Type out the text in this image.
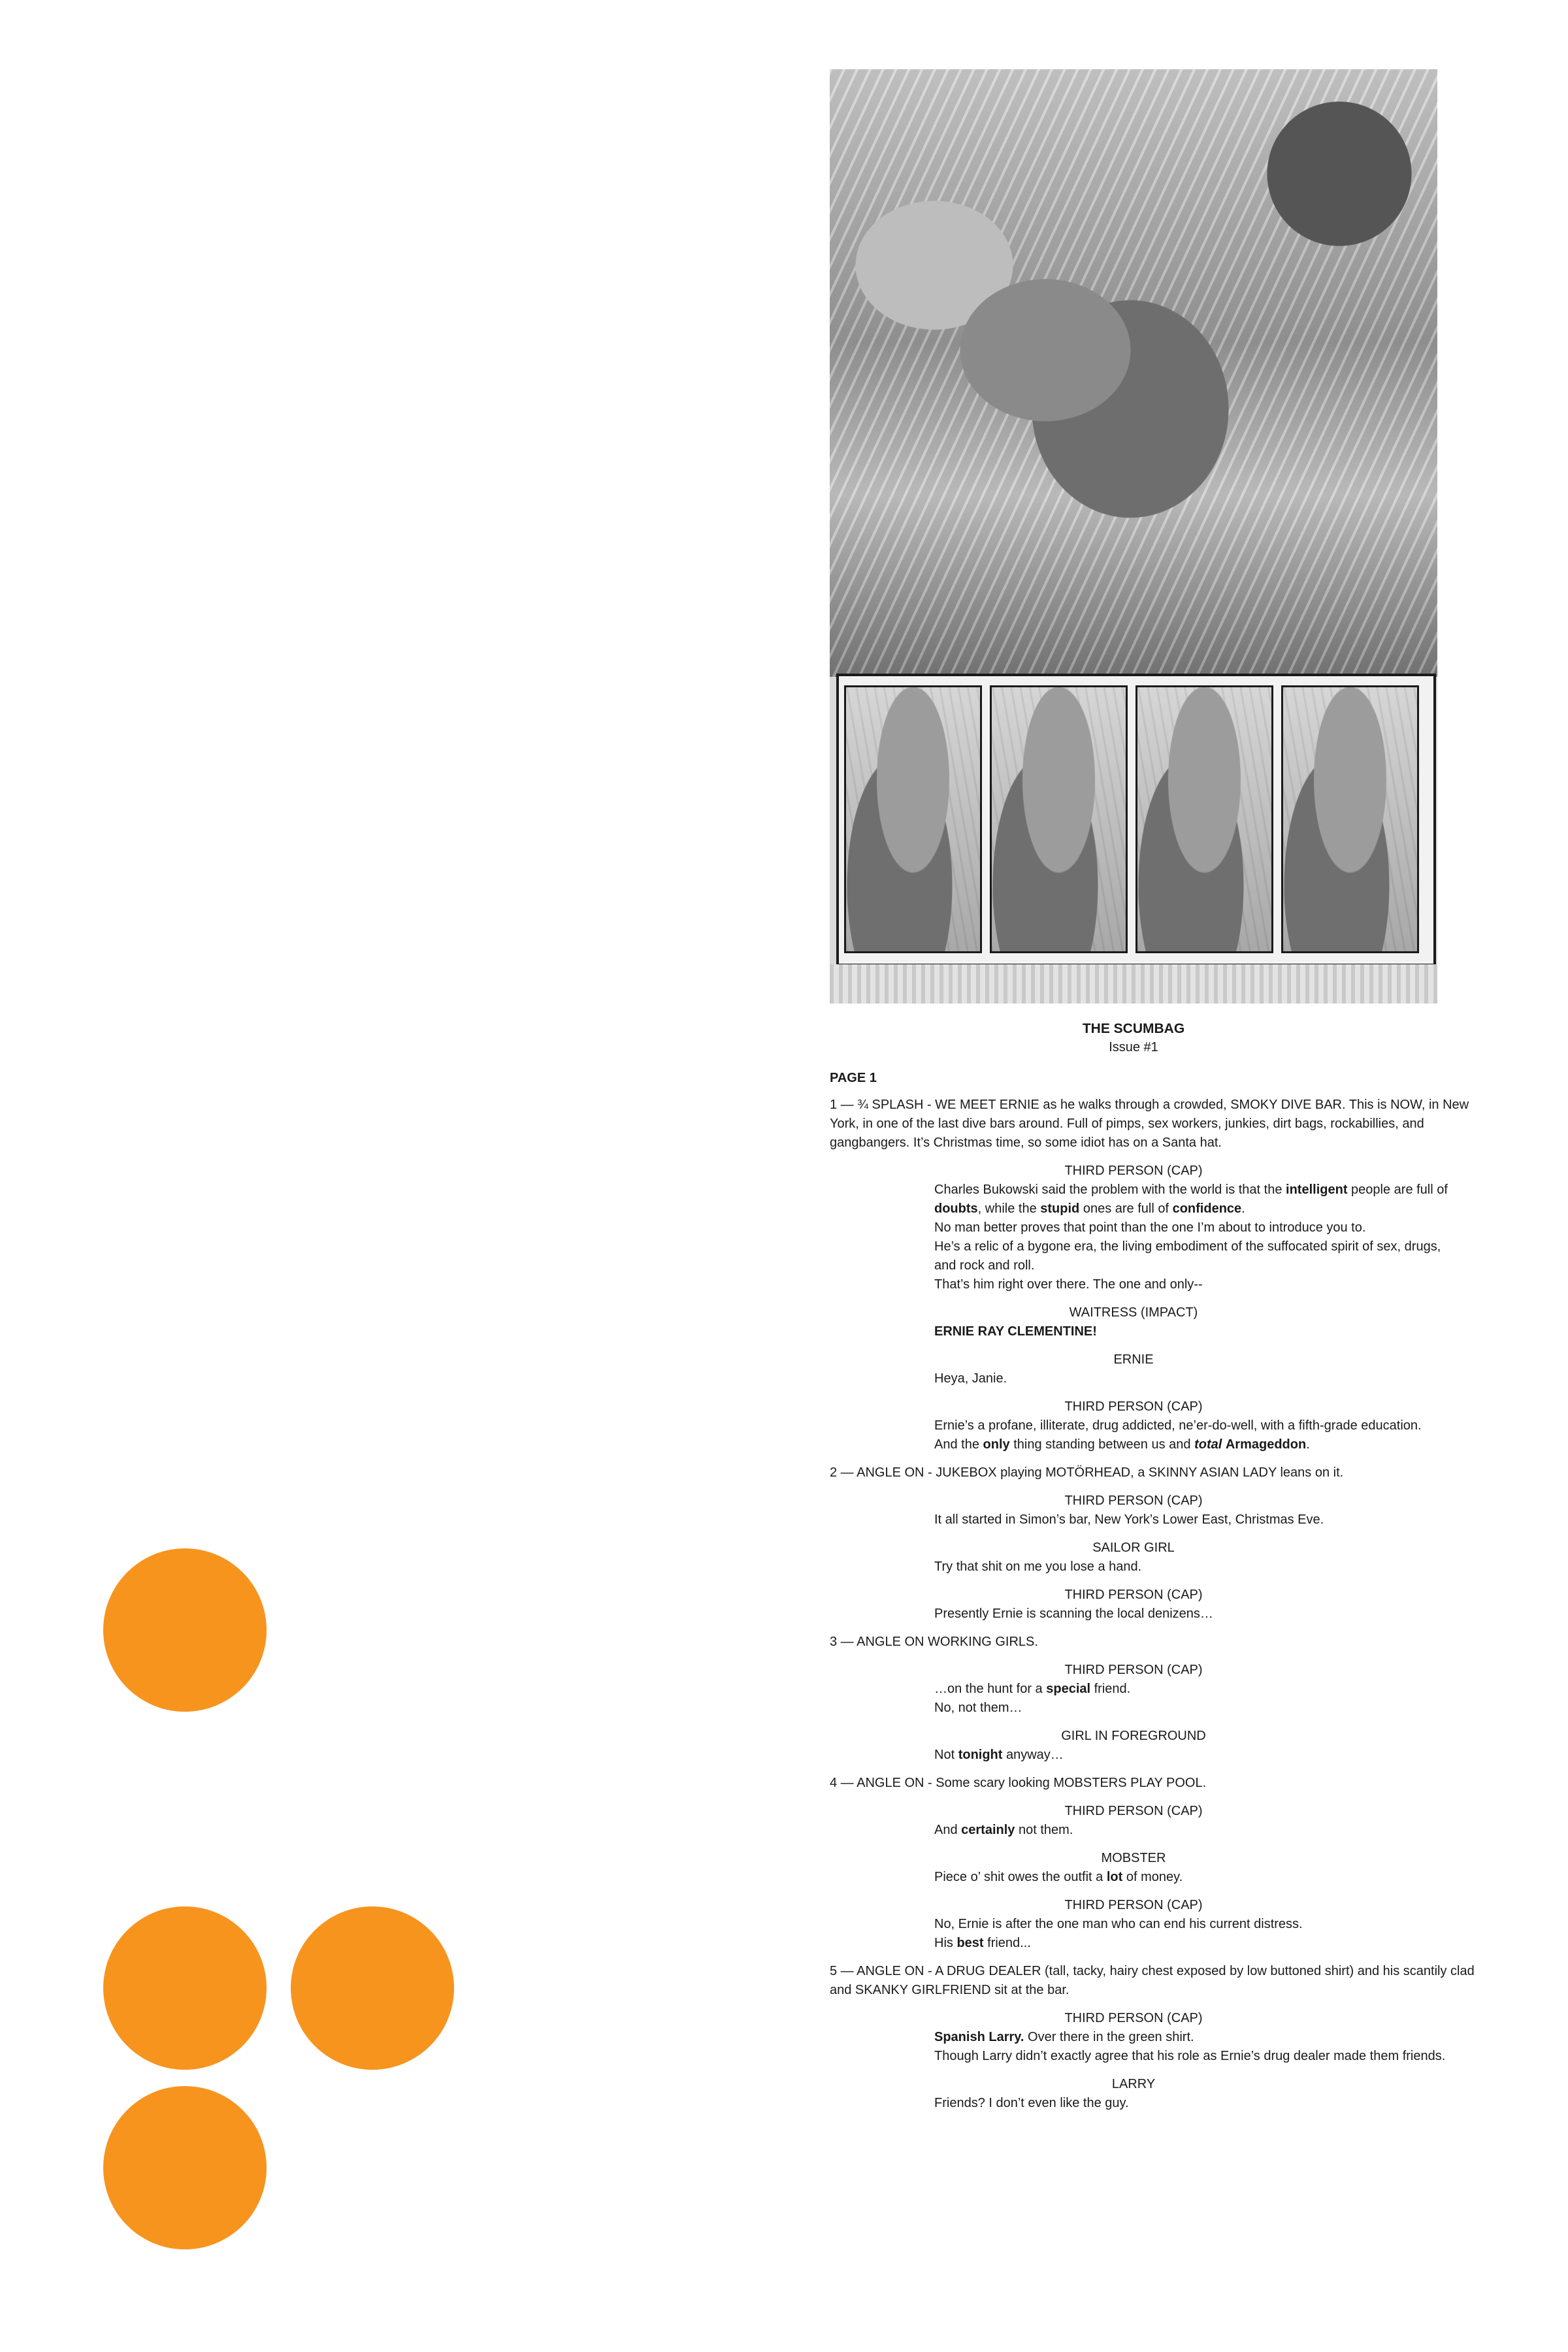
THE SCUMBAG

Issue #1

PAGE 1

1 — ¾ SPLASH - WE MEET ERNIE as he walks through a crowded, SMOKY DIVE BAR. This is NOW, in New York, in one of the last dive bars around. Full of pimps, sex workers, junkies, dirt bags, rockabillies, and gangbangers. It’s Christmas time, so some idiot has on a Santa hat.

THIRD PERSON (CAP)

Charles Bukowski said the problem with the world is that the intelligent people are full of doubts, while the stupid ones are full of confidence.

No man better proves that point than the one I’m about to introduce you to.

He’s a relic of a bygone era, the living embodiment of the suffocated spirit of sex, drugs, and rock and roll.

That’s him right over there. The one and only--

WAITRESS (IMPACT)

ERNIE RAY CLEMENTINE!

ERNIE

Heya, Janie.

THIRD PERSON (CAP)

Ernie’s a profane, illiterate, drug addicted, ne’er-do-well, with a fifth-grade education.

And the only thing standing between us and total Armageddon.

2 — ANGLE ON - JUKEBOX playing MOTÖRHEAD, a SKINNY ASIAN LADY leans on it.

THIRD PERSON (CAP)

It all started in Simon’s bar, New York’s Lower East, Christmas Eve.

SAILOR GIRL

Try that shit on me you lose a hand.

THIRD PERSON (CAP)

Presently Ernie is scanning the local denizens…

3 — ANGLE ON WORKING GIRLS.

THIRD PERSON (CAP)

…on the hunt for a special friend.

No, not them…

GIRL IN FOREGROUND

Not tonight anyway…

4 — ANGLE ON - Some scary looking MOBSTERS PLAY POOL.

THIRD PERSON (CAP)

And certainly not them.

MOBSTER

Piece o’ shit owes the outfit a lot of money.

THIRD PERSON (CAP)

No, Ernie is after the one man who can end his current distress.

His best friend...

5 — ANGLE ON - A DRUG DEALER (tall, tacky, hairy chest exposed by low buttoned shirt) and his scantily clad and SKANKY GIRLFRIEND sit at the bar.

THIRD PERSON (CAP)

Spanish Larry. Over there in the green shirt.

Though Larry didn’t exactly agree that his role as Ernie’s drug dealer made them friends.

LARRY

Friends? I don’t even like the guy.
